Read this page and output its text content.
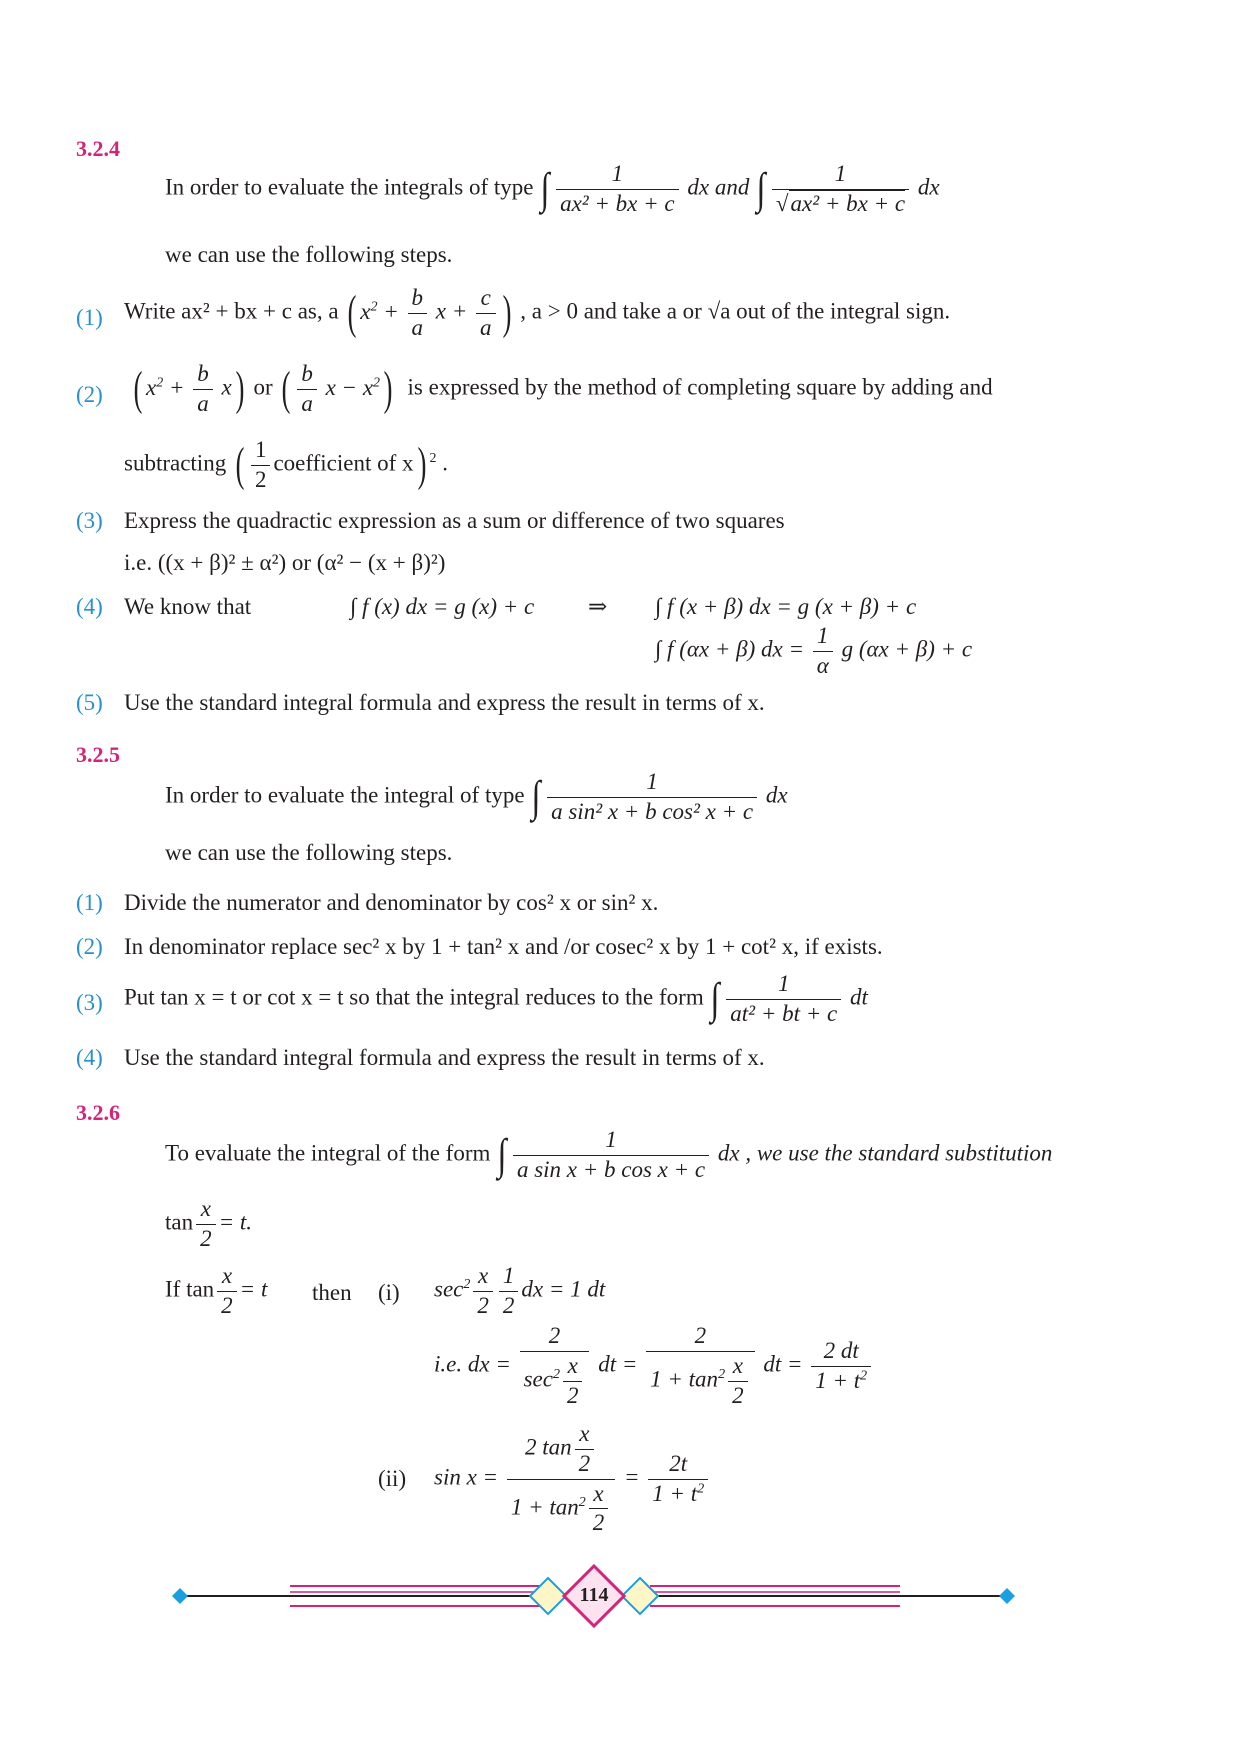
3.2.4
In order to evaluate the integrals of type ∫ $\frac{1}{\text{ax² + bx + c}}$ dx and ∫ $\frac{1}{\text{√ax² + bx + c}}$ dx
we can use the following steps.
(1) Write ax² + bx + c as, a ( $x^2 + \frac{b}{a}$ $x + \frac{c}{a}$ ) , a > 0 and take a or √a out of the integral sign.
(2) ( $x^2 + \frac{b}{a} x$) or ( $\frac{b}{a}$ $x - x^2$) is expressed by the method of completing square by adding and
subtracting ( $\frac{1}{2}$ coefficient of x) $^2$ .
(3) Express the quadractic expression as a sum or difference of two squares
i.e. ((x + β)² ± α²) or (α² − (x + β)²)
(4) We know that	∫ f (x) dx = g (x) + c ⇒ ∫ f (x + β) dx = g (x + β) + c
∫ f (αx + β) dx = $\frac{1}{\alpha}$ g (αx + β) + c
(5) Use the standard integral formula and express the result in terms of x.
3.2.5
In order to evaluate the integral of type ∫ $\frac{1}{\text{a sin² x + b cos² x + c}}$ dx
we can use the following steps.
(1) Divide the numerator and denominator by cos² x or sin² x.
(2) In denominator replace sec² x by 1 + tan² x and /or cosec² x by 1 + cot² x, if exists.
(3) Put tan x = t or cot x = t so that the integral reduces to the form ∫ $\frac{1}{\text{at² + bt + c}}$ dt
(4) Use the standard integral formula and express the result in terms of x.
3.2.6
To evaluate the integral of the form ∫ $\frac{1}{\text{a sin x + b cos x + c}}$ dx , we use the standard substitution
$\tan \frac{x}{2} = t$.
If $\tan \frac{x}{2} = t$ then (i) $\sec^2 \frac{x}{2} \frac{1}{2}$ dx = 1 dt
i.e. dx = $\frac{2}{\sec^2 \frac{x}{2}}$ dt = $\frac{2}{1 + \tan^2 \frac{x}{2}}$ dt = $\frac{2 dt}{1 + t^2}$
(ii) $\sin x = \frac{2 \tan \frac{x}{2}}{1 + \tan^2 \frac{x}{2}} = \frac{2t}{1 + t^2}$
114
